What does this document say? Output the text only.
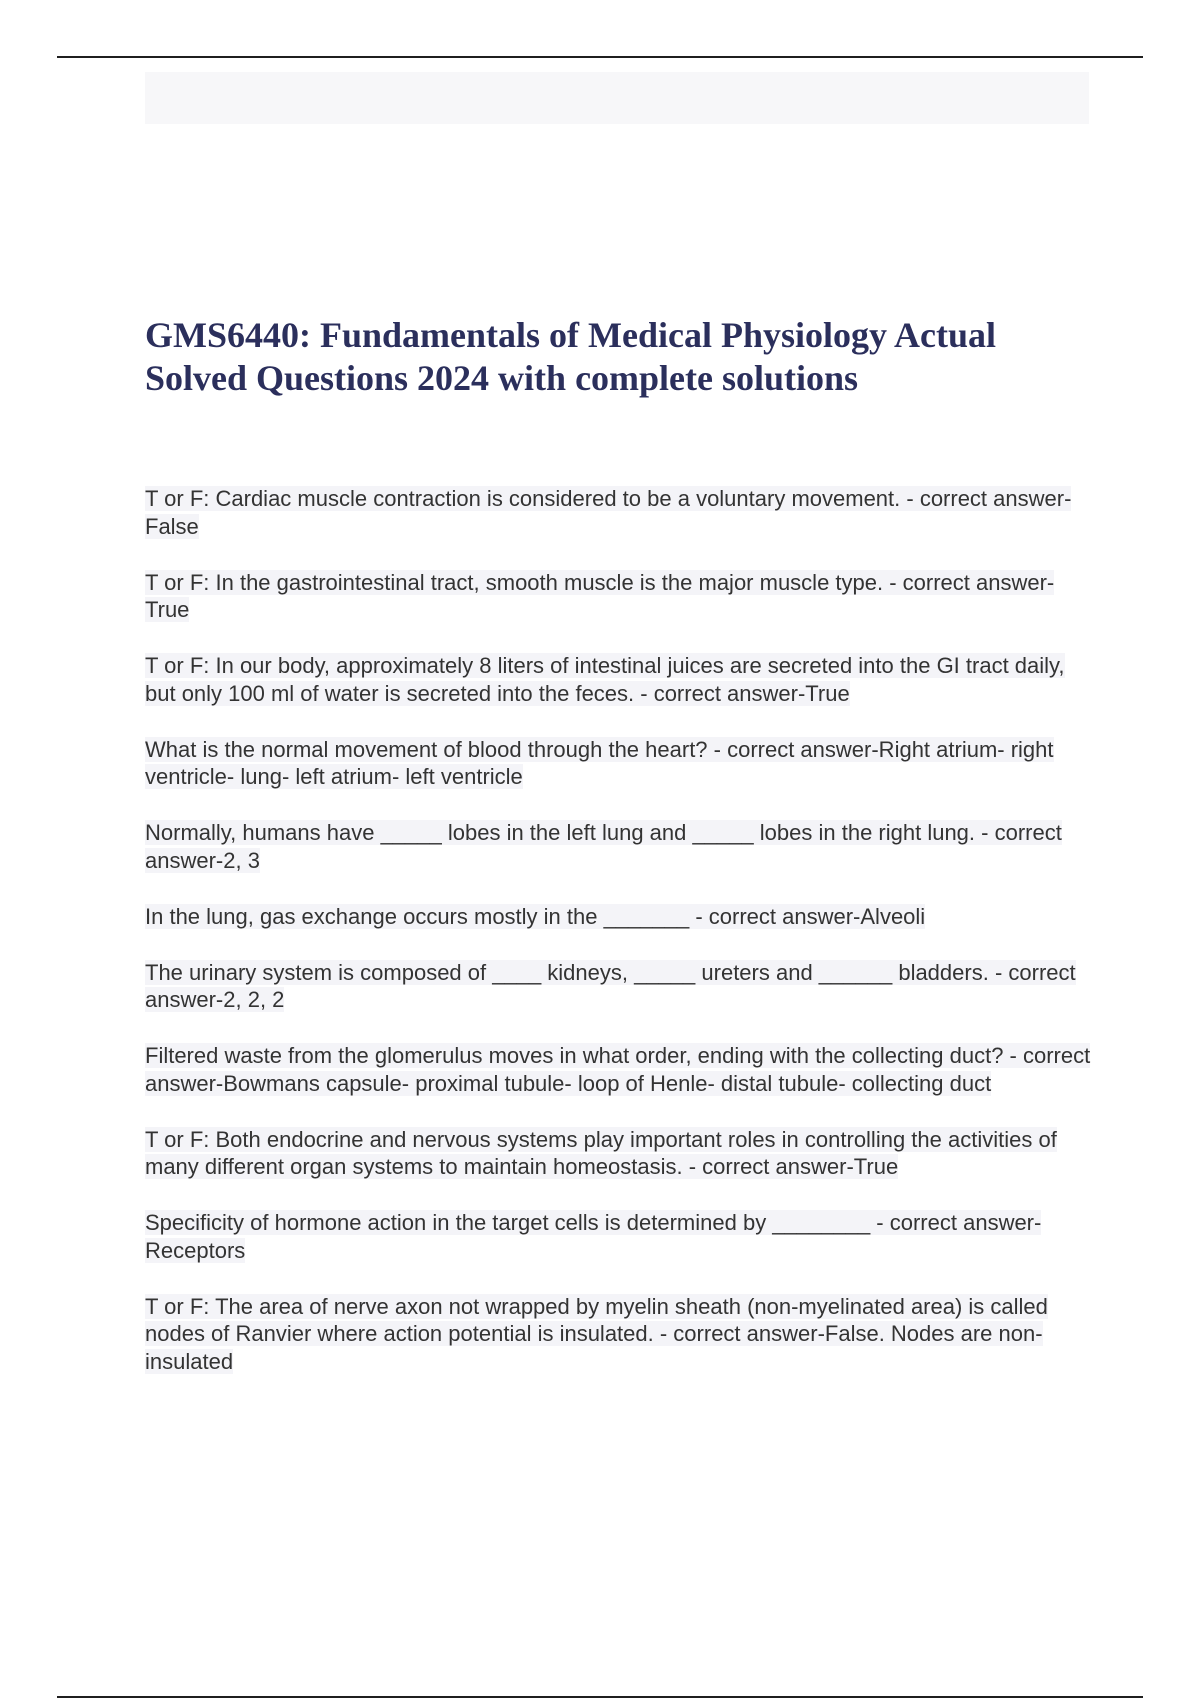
GMS6440: Fundamentals of Medical Physiology Actual Solved Questions 2024 with complete solutions
T or F: Cardiac muscle contraction is considered to be a voluntary movement. - correct answer-False
T or F: In the gastrointestinal tract, smooth muscle is the major muscle type. - correct answer-True
T or F: In our body, approximately 8 liters of intestinal juices are secreted into the GI tract daily, but only 100 ml of water is secreted into the feces. - correct answer-True
What is the normal movement of blood through the heart? - correct answer-Right atrium- right ventricle- lung- left atrium- left ventricle
Normally, humans have _____ lobes in the left lung and _____ lobes in the right lung. - correct answer-2, 3
In the lung, gas exchange occurs mostly in the _______ - correct answer-Alveoli
The urinary system is composed of ____ kidneys, _____ ureters and ______ bladders. - correct answer-2, 2, 2
Filtered waste from the glomerulus moves in what order, ending with the collecting duct? - correct answer-Bowmans capsule- proximal tubule- loop of Henle- distal tubule- collecting duct
T or F: Both endocrine and nervous systems play important roles in controlling the activities of many different organ systems to maintain homeostasis. - correct answer-True
Specificity of hormone action in the target cells is determined by ________ - correct answer-Receptors
T or F: The area of nerve axon not wrapped by myelin sheath (non-myelinated area) is called nodes of Ranvier where action potential is insulated. - correct answer-False. Nodes are non-insulated
